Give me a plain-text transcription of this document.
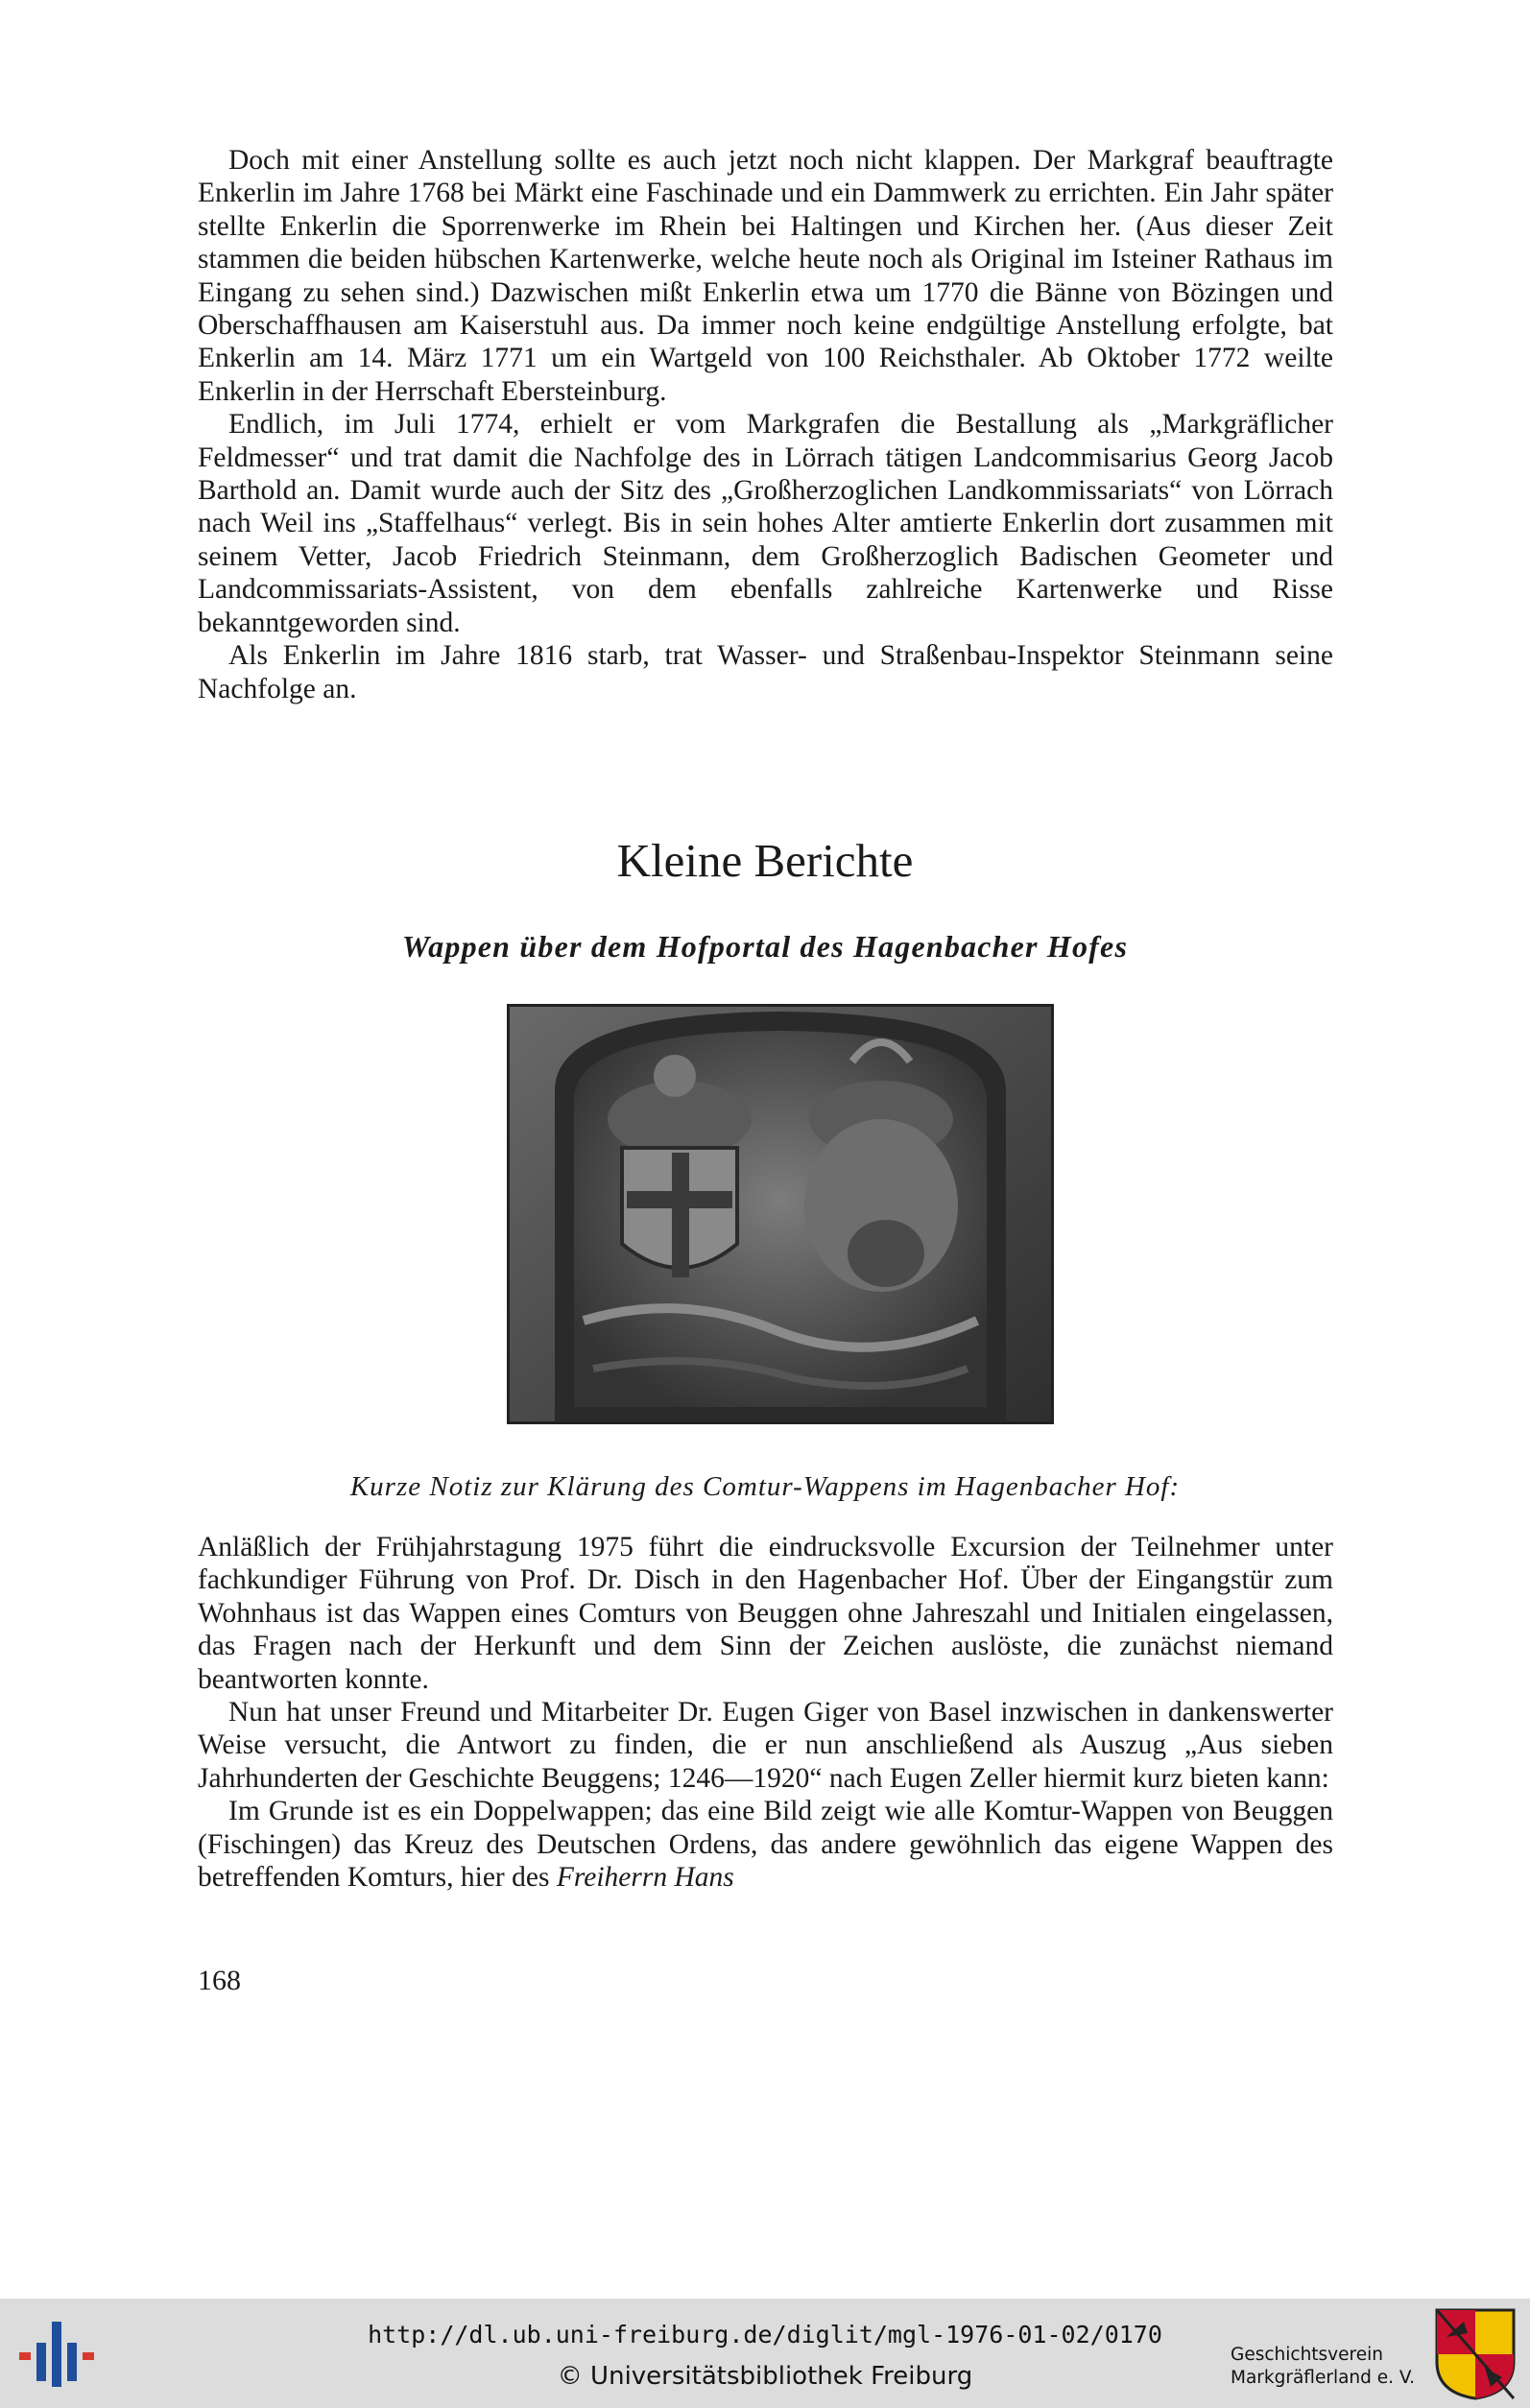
Doch mit einer Anstellung sollte es auch jetzt noch nicht klappen. Der Markgraf beauftragte Enkerlin im Jahre 1768 bei Märkt eine Faschinade und ein Dammwerk zu errichten. Ein Jahr später stellte Enkerlin die Sporrenwerke im Rhein bei Haltingen und Kirchen her. (Aus dieser Zeit stammen die beiden hübschen Kartenwerke, welche heute noch als Original im Isteiner Rathaus im Eingang zu sehen sind.) Dazwischen mißt Enkerlin etwa um 1770 die Bänne von Bözingen und Oberschaffhausen am Kaiserstuhl aus. Da immer noch keine endgültige Anstellung erfolgte, bat Enkerlin am 14. März 1771 um ein Wartgeld von 100 Reichsthaler. Ab Oktober 1772 weilte Enkerlin in der Herrschaft Ebersteinburg.

Endlich, im Juli 1774, erhielt er vom Markgrafen die Bestallung als „Markgräflicher Feldmesser“ und trat damit die Nachfolge des in Lörrach tätigen Landcommisarius Georg Jacob Barthold an. Damit wurde auch der Sitz des „Großherzoglichen Landkommissariats“ von Lörrach nach Weil ins „Staffelhaus“ verlegt. Bis in sein hohes Alter amtierte Enkerlin dort zusammen mit seinem Vetter, Jacob Friedrich Steinmann, dem Großherzoglich Badischen Geometer und Landcommissariats-Assistent, von dem ebenfalls zahlreiche Kartenwerke und Risse bekanntgeworden sind.

Als Enkerlin im Jahre 1816 starb, trat Wasser- und Straßenbau-Inspektor Steinmann seine Nachfolge an.

Kleine Berichte
Wappen über dem Hofportal des Hagenbacher Hofes

Kurze Notiz zur Klärung des Comtur-Wappens im Hagenbacher Hof:

Anläßlich der Frühjahrstagung 1975 führt die eindrucksvolle Excursion der Teilnehmer unter fachkundiger Führung von Prof. Dr. Disch in den Hagenbacher Hof. Über der Eingangstür zum Wohnhaus ist das Wappen eines Comturs von Beuggen ohne Jahreszahl und Initialen eingelassen, das Fragen nach der Herkunft und dem Sinn der Zeichen auslöste, die zunächst niemand beantworten konnte.

Nun hat unser Freund und Mitarbeiter Dr. Eugen Giger von Basel inzwischen in dankenswerter Weise versucht, die Antwort zu finden, die er nun anschließend als Auszug „Aus sieben Jahrhunderten der Geschichte Beuggens; 1246—1920“ nach Eugen Zeller hiermit kurz bieten kann:

Im Grunde ist es ein Doppelwappen; das eine Bild zeigt wie alle Komtur-Wappen von Beuggen (Fischingen) das Kreuz des Deutschen Ordens, das andere gewöhnlich das eigene Wappen des betreffenden Komturs, hier des Freiherrn Hans

168
http://dl.ub.uni-freiburg.de/diglit/mgl-1976-01-02/0170
© Universitätsbibliothek Freiburg
Geschichtsverein
Markgräflerland e. V.
